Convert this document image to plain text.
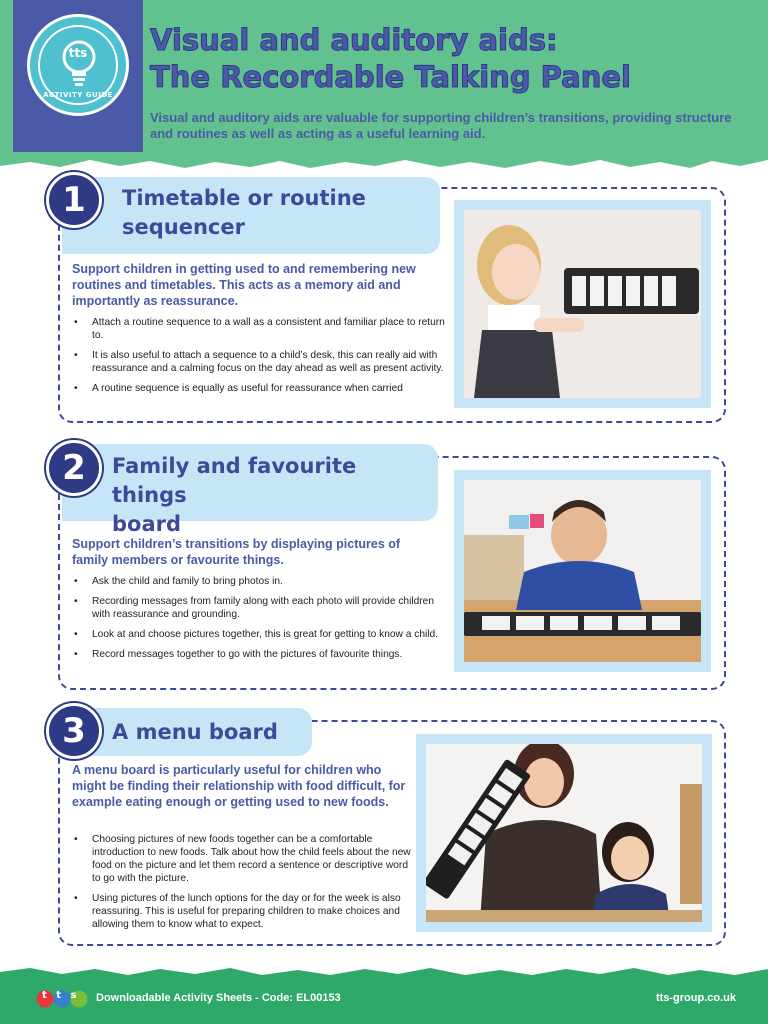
tts
ACTIVITY GUIDE
Visual and auditory aids:
The Recordable Talking Panel
Visual and auditory aids are valuable for supporting children’s transitions, providing structure and routines as well as acting as a useful learning aid.
1	Timetable or routine
sequencer
Support children in getting used to and remembering new routines and timetables. This acts as a memory aid and importantly as reassurance.
• Attach a routine sequence to a wall as a consistent and familiar place to return to.
• It is also useful to attach a sequence to a child’s desk, this can really aid with reassurance and a calming focus on the day ahead as well as present activity.
• A routine sequence is equally as useful for reassurance when carried
2	Family and favourite things
board
Support children’s transitions by displaying pictures of family members or favourite things.
• Ask the child and family to bring photos in.
• Recording messages from family along with each photo will provide children with reassurance and grounding.
• Look at and choose pictures together, this is great for getting to know a child.
• Record messages together to go with the pictures of favourite things.
3	A menu board
A menu board is particularly useful for children who might be finding their relationship with food difficult, for example eating enough or getting used to new foods.
• Choosing pictures of new foods together can be a comfortable introduction to new foods. Talk about how the child feels about the new food on the picture and let them record a sentence or descriptive word to go with the picture.
• Using pictures of the lunch options for the day or for the week is also reassuring. This is useful for preparing children to make choices and allowing them to know what to expect.
tts Downloadable Activity Sheets - Code: EL00153	tts-group.co.uk
